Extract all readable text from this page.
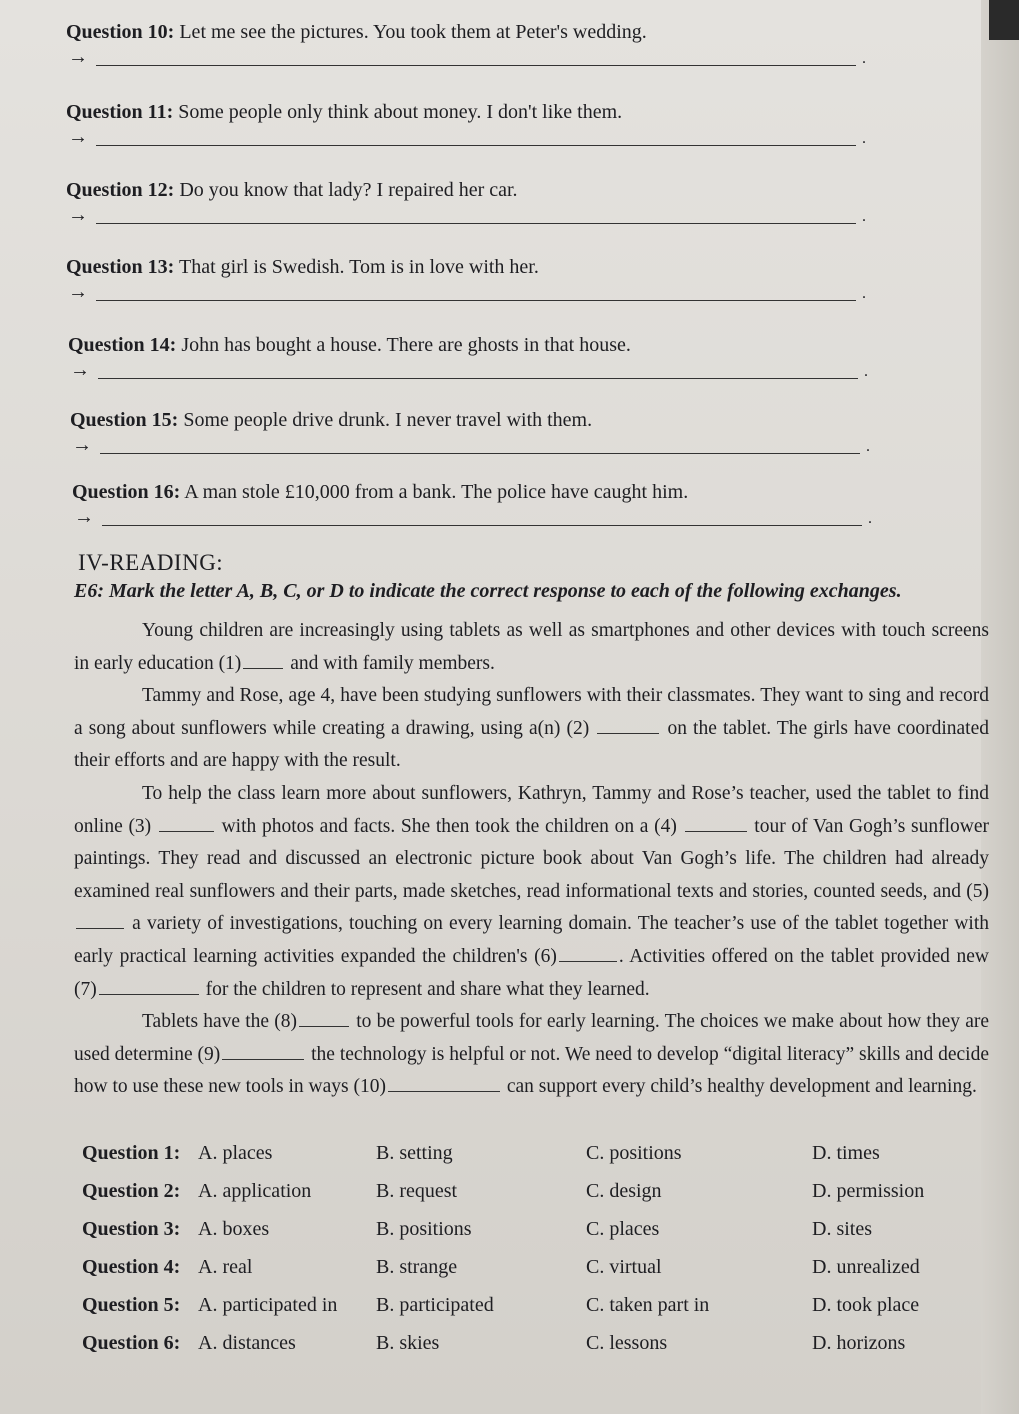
Question 10: Let me see the pictures. You took them at Peter's wedding.
→	.
Question 11: Some people only think about money. I don't like them.
→	.
Question 12: Do you know that lady? I repaired her car.
→	.
Question 13: That girl is Swedish. Tom is in love with her.
→	.
Question 14: John has bought a house. There are ghosts in that house.
→	.
Question 15: Some people drive drunk. I never travel with them.
→	.
Question 16: A man stole £10,000 from a bank. The police have caught him.
→	.
IV-READING:
E6: Mark the letter A, B, C, or D to indicate the correct response to each of the following exchanges.

Young children are increasingly using tablets as well as smartphones and other devices with touch screens in early education (1)	and with family members.

Tammy and Rose, age 4, have been studying sunflowers with their classmates. They want to sing and record a song about sunflowers while creating a drawing, using a(n) (2)	on the tablet. The girls have coordinated their efforts and are happy with the result.

To help the class learn more about sunflowers, Kathryn, Tammy and Rose’s teacher, used the tablet to find online (3)	with photos and facts. She then took the children on a (4)	tour of Van Gogh’s sunflower paintings. They read and discussed an electronic picture book about Van Gogh’s life. The children had already examined real sunflowers and their parts, made sketches, read informational texts and stories, counted seeds, and (5) a variety of investigations, touching on every learning domain. The teacher’s use of the tablet together with early practical learning activities expanded the children's (6)	. Activities offered on the tablet provided new (7)	for the children to represent and share what they learned.

Tablets have the (8)	to be powerful tools for early learning. The choices we make about how they are used determine (9)	the technology is helpful or not. We need to develop “digital literacy” skills and decide how to use these new tools in ways (10)	can support every child’s healthy development and learning.

Question 1: A. places	B. setting	C. positions	D. times
Question 2: A. application	B. request	C. design	D. permission
Question 3: A. boxes	B. positions	C. places	D. sites
Question 4: A. real	B. strange	C. virtual	D. unrealized
Question 5: A. participated in B. participated	C. taken part in	D. took place
Question 6: A. distances	B. skies	C. lessons	D. horizons
